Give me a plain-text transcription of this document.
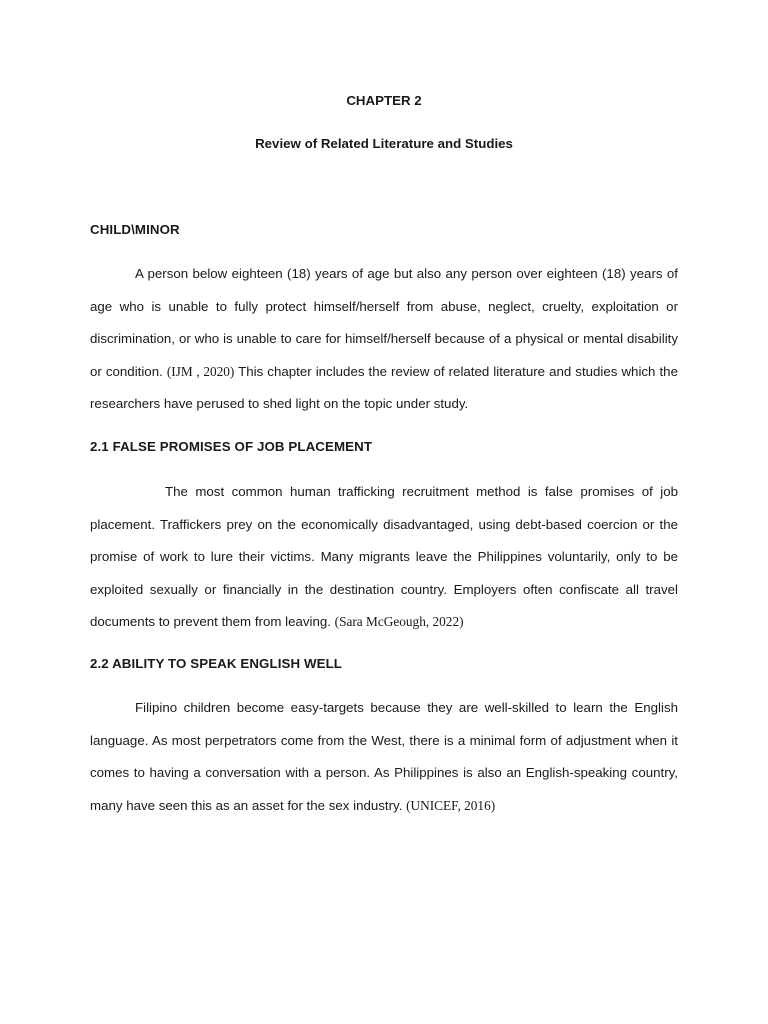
CHAPTER 2
Review of Related Literature and Studies
CHILD\MINOR

A person below eighteen (18) years of age but also any person over eighteen (18) years of age who is unable to fully protect himself/herself from abuse, neglect, cruelty, exploitation or discrimination, or who is unable to care for himself/herself because of a physical or mental disability or condition. (IJM , 2020) This chapter includes the review of related literature and studies which the researchers have perused to shed light on the topic under study.

2.1 FALSE PROMISES OF JOB PLACEMENT

The most common human trafficking recruitment method is false promises of job placement. Traffickers prey on the economically disadvantaged, using debt-based coercion or the promise of work to lure their victims. Many migrants leave the Philippines voluntarily, only to be exploited sexually or financially in the destination country. Employers often confiscate all travel documents to prevent them from leaving. (Sara McGeough, 2022)

2.2 ABILITY TO SPEAK ENGLISH WELL

Filipino children become easy-targets because they are well-skilled to learn the English language. As most perpetrators come from the West, there is a minimal form of adjustment when it comes to having a conversation with a person. As Philippines is also an English-speaking country, many have seen this as an asset for the sex industry. (UNICEF, 2016)
